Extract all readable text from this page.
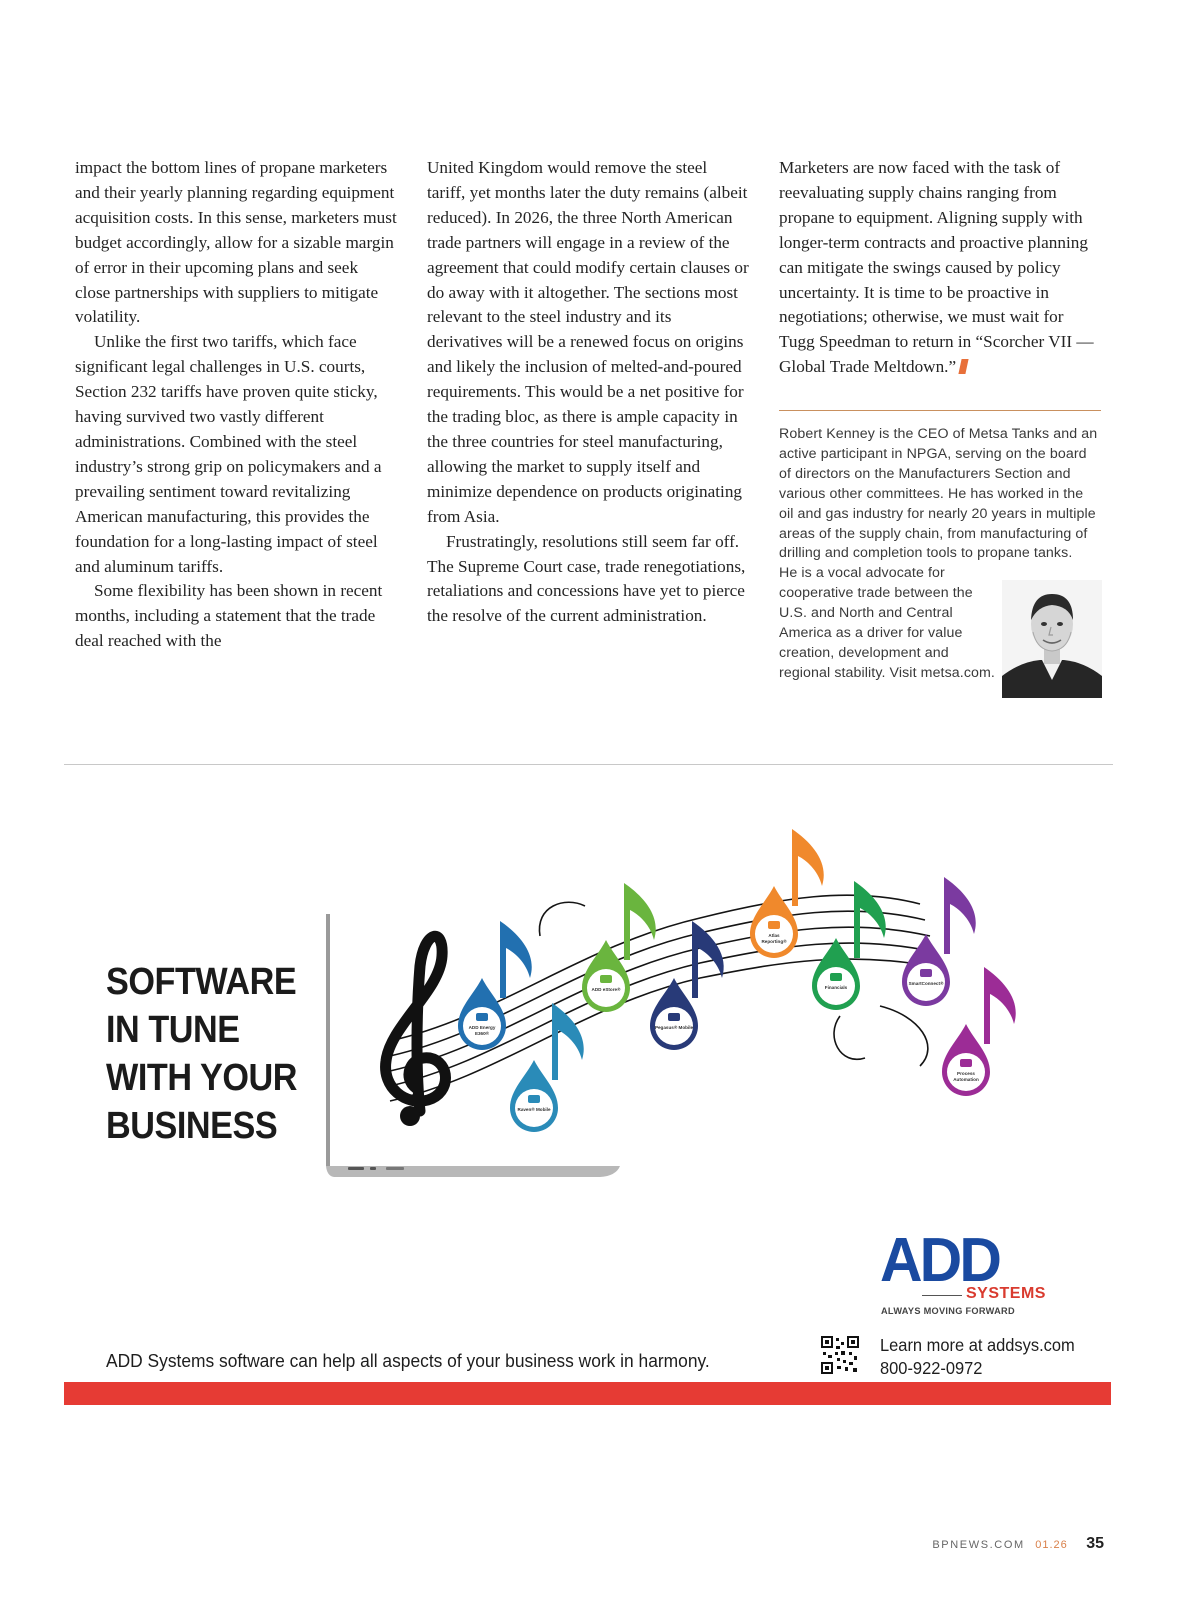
impact the bottom lines of propane marketers and their yearly planning regarding equipment acquisition costs. In this sense, marketers must budget accordingly, allow for a sizable margin of error in their upcoming plans and seek close partnerships with suppliers to mitigate volatility.

Unlike the first two tariffs, which face significant legal challenges in U.S. courts, Section 232 tariffs have proven quite sticky, having survived two vastly different administrations. Combined with the steel industry’s strong grip on policymakers and a prevailing sentiment toward revitalizing American manufacturing, this provides the foundation for a long-lasting impact of steel and aluminum tariffs.

Some flexibility has been shown in recent months, including a statement that the trade deal reached with the

United Kingdom would remove the steel tariff, yet months later the duty remains (albeit reduced). In 2026, the three North American trade partners will engage in a review of the agreement that could modify certain clauses or do away with it altogether. The sections most relevant to the steel industry and its derivatives will be a renewed focus on origins and likely the inclusion of melted-and-poured requirements. This would be a net positive for the trading bloc, as there is ample capacity in the three countries for steel manufacturing, allowing the market to supply itself and minimize dependence on products originating from Asia.

Frustratingly, resolutions still seem far off. The Supreme Court case, trade renegotiations, retaliations and concessions have yet to pierce the resolve of the current administration.

Marketers are now faced with the task of reevaluating supply chains ranging from propane to equipment. Aligning supply with longer-term contracts and proactive planning can mitigate the swings caused by policy uncertainty. It is time to be proactive in negotiations; otherwise, we must wait for Tugg Speedman to return in “Scorcher VII — Global Trade Meltdown.”

Robert Kenney is the CEO of Metsa Tanks and an active participant in NPGA, serving on the board of directors on the Manufacturers Section and various other committees. He has worked in the oil and gas industry for nearly 20 years in multiple areas of the supply chain, from manufacturing of drilling and completion tools to propane tanks.
He is a vocal advocate for cooperative trade between the U.S. and North and Central America as a driver for value creation, development and regional stability. Visit metsa.com.
SOFTWARE
IN TUNE
WITH YOUR
BUSINESS
ADD Energy
E360®
Raven® Mobile
ADD eStore®
Pegasus® Mobile
Atlas
Reporting®
Financials
SmartConnect®
Process
Automation
ADD
SYSTEMS
ALWAYS MOVING FORWARD
Learn more at addsys.com
800-922-0972
ADD Systems software can help all aspects of your business work in harmony.
BPNEWS.COM 01.26 35
